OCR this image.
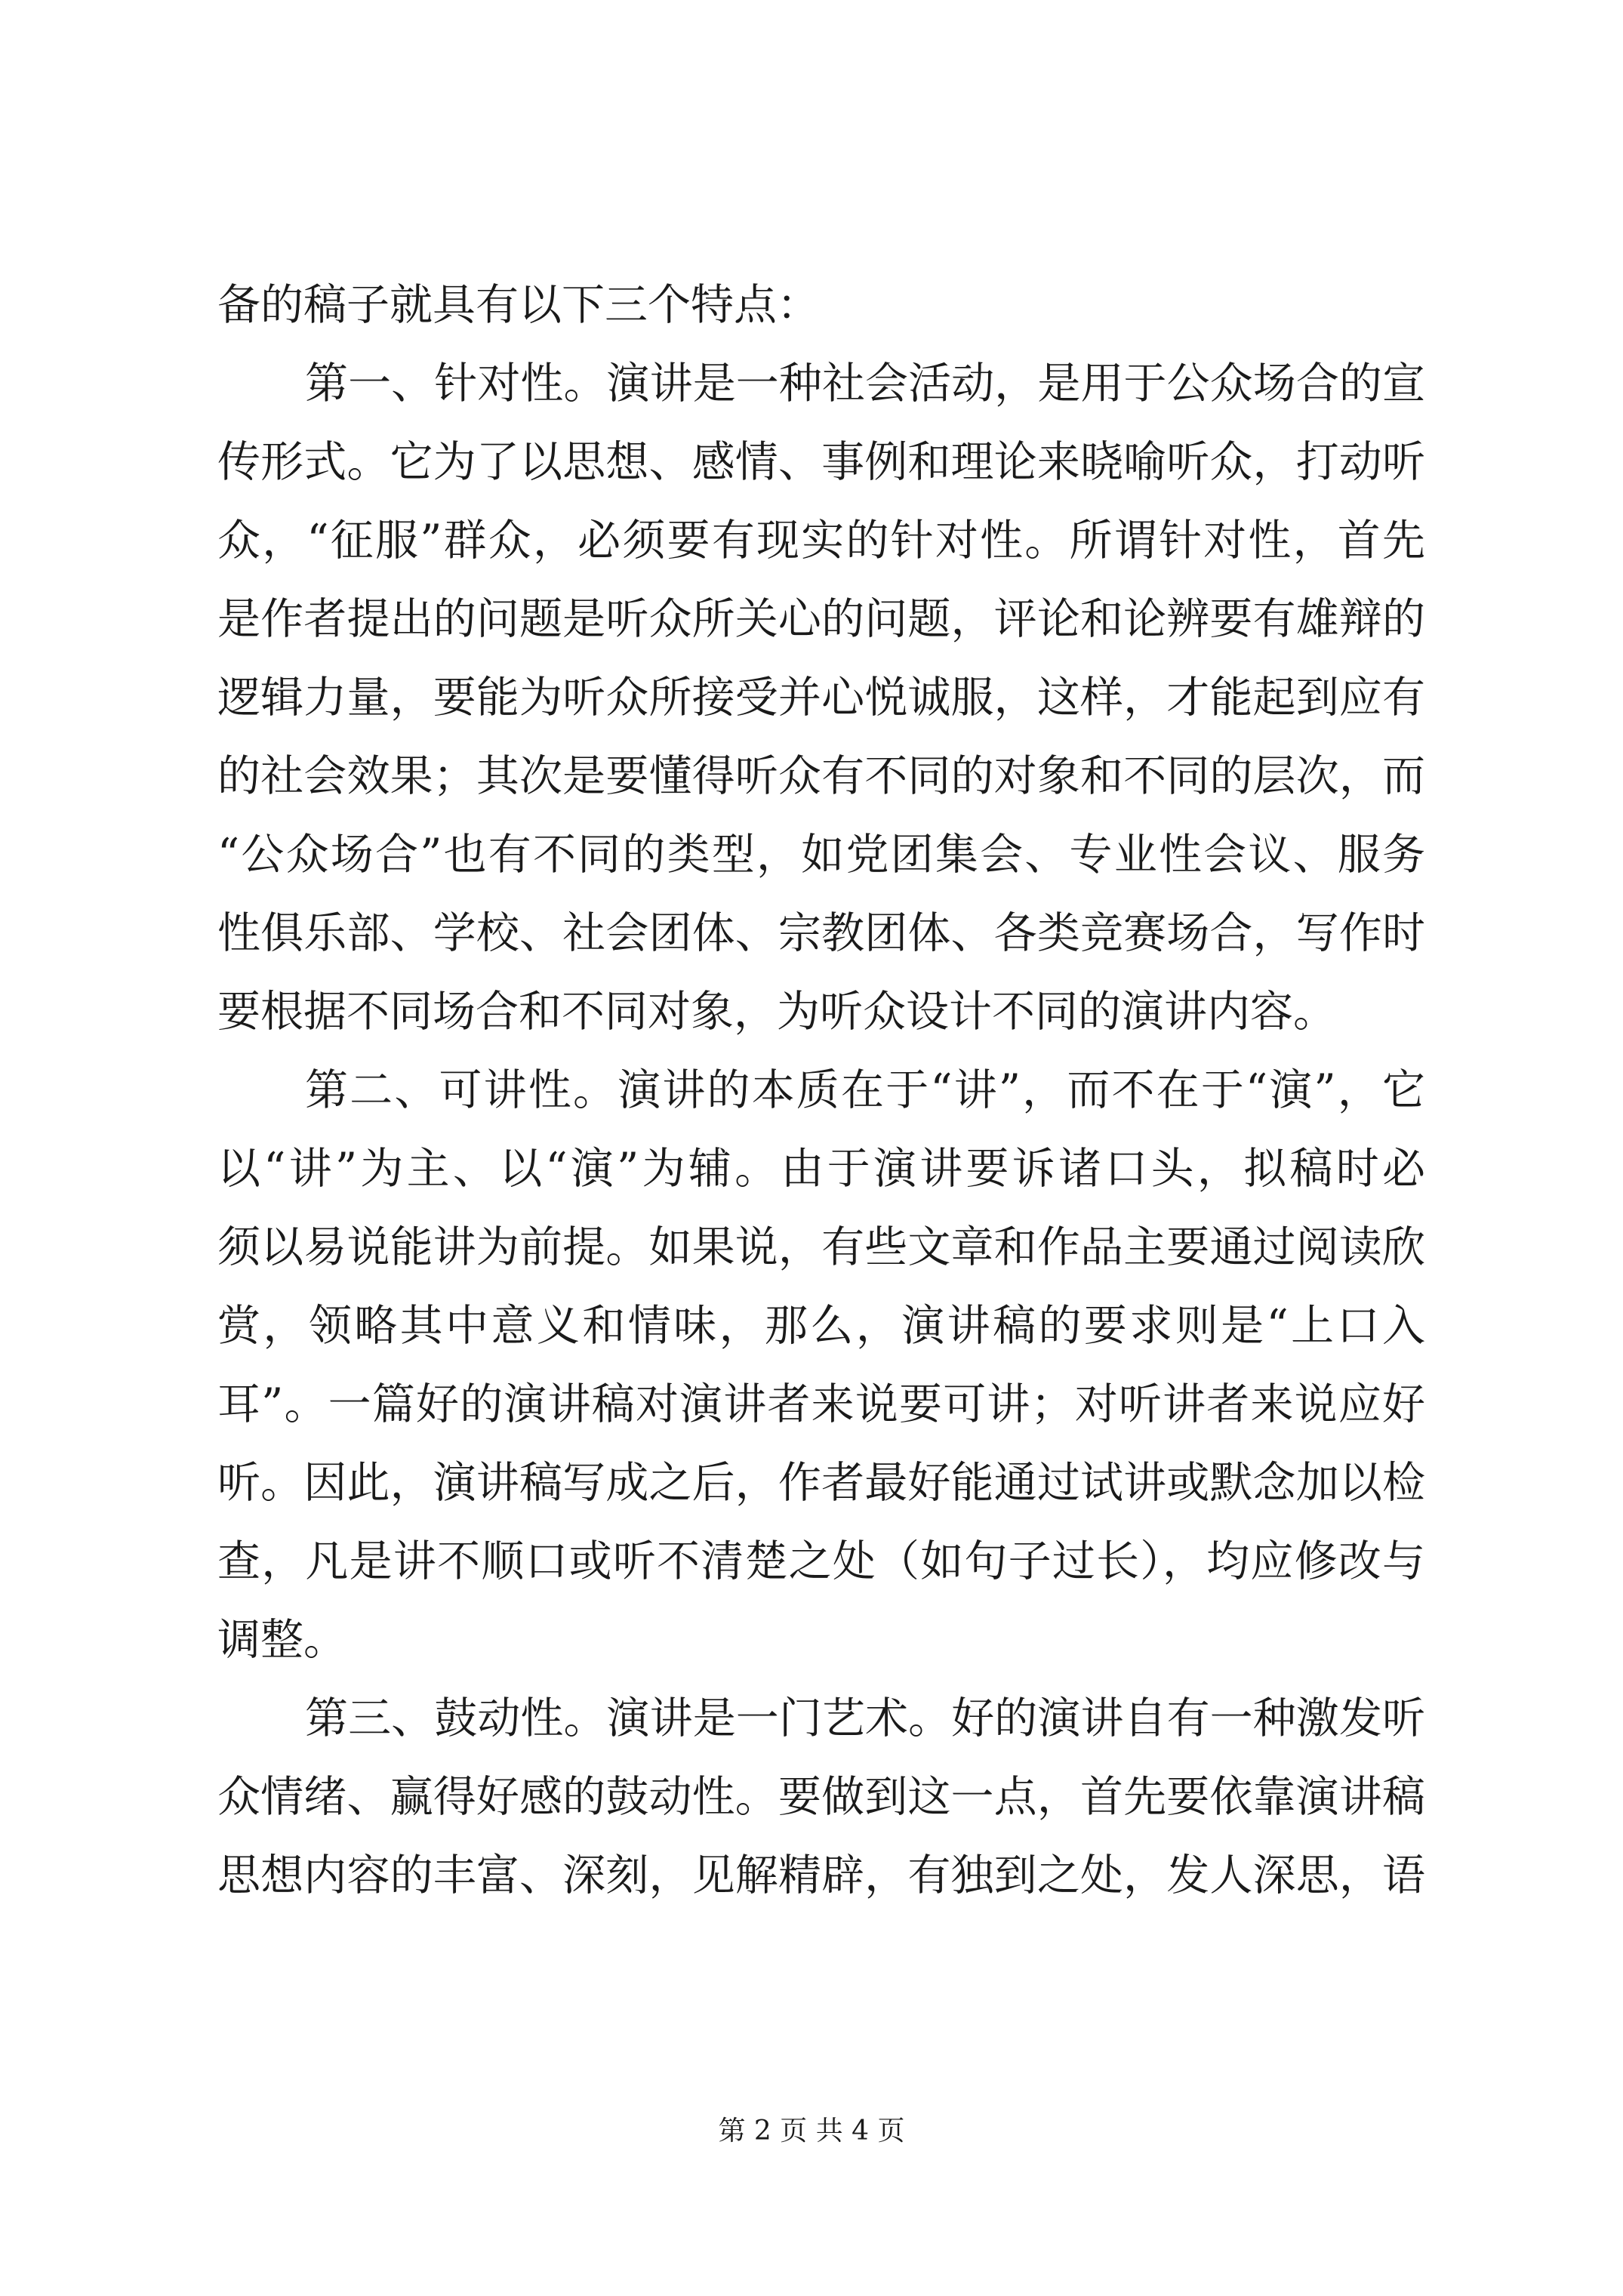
备的稿子就具有以下三个特点：
第一、针对性。演讲是一种社会活动，是用于公众场合的宣
传形式。它为了以思想、感情、事例和理论来晓喻听众，打动听
众，“征服”群众，必须要有现实的针对性。所谓针对性，首先
是作者提出的问题是听众所关心的问题，评论和论辨要有雄辩的
逻辑力量，要能为听众所接受并心悦诚服，这样，才能起到应有
的社会效果；其次是要懂得听众有不同的对象和不同的层次，而
“公众场合”也有不同的类型，如党团集会、专业性会议、服务
性俱乐部、学校、社会团体、宗教团体、各类竞赛场合，写作时
要根据不同场合和不同对象，为听众设计不同的演讲内容。
第二、可讲性。演讲的本质在于“讲”，而不在于“演”，它
以“讲”为主、以“演”为辅。由于演讲要诉诸口头，拟稿时必
须以易说能讲为前提。如果说，有些文章和作品主要通过阅读欣
赏，领略其中意义和情味，那么，演讲稿的要求则是“上口入
耳”。一篇好的演讲稿对演讲者来说要可讲；对听讲者来说应好
听。因此，演讲稿写成之后，作者最好能通过试讲或默念加以检
查，凡是讲不顺口或听不清楚之处（如句子过长），均应修改与
调整。
第三、鼓动性。演讲是一门艺术。好的演讲自有一种激发听
众情绪、赢得好感的鼓动性。要做到这一点，首先要依靠演讲稿
思想内容的丰富、深刻，见解精辟，有独到之处，发人深思，语
第 2 页 共 4 页
